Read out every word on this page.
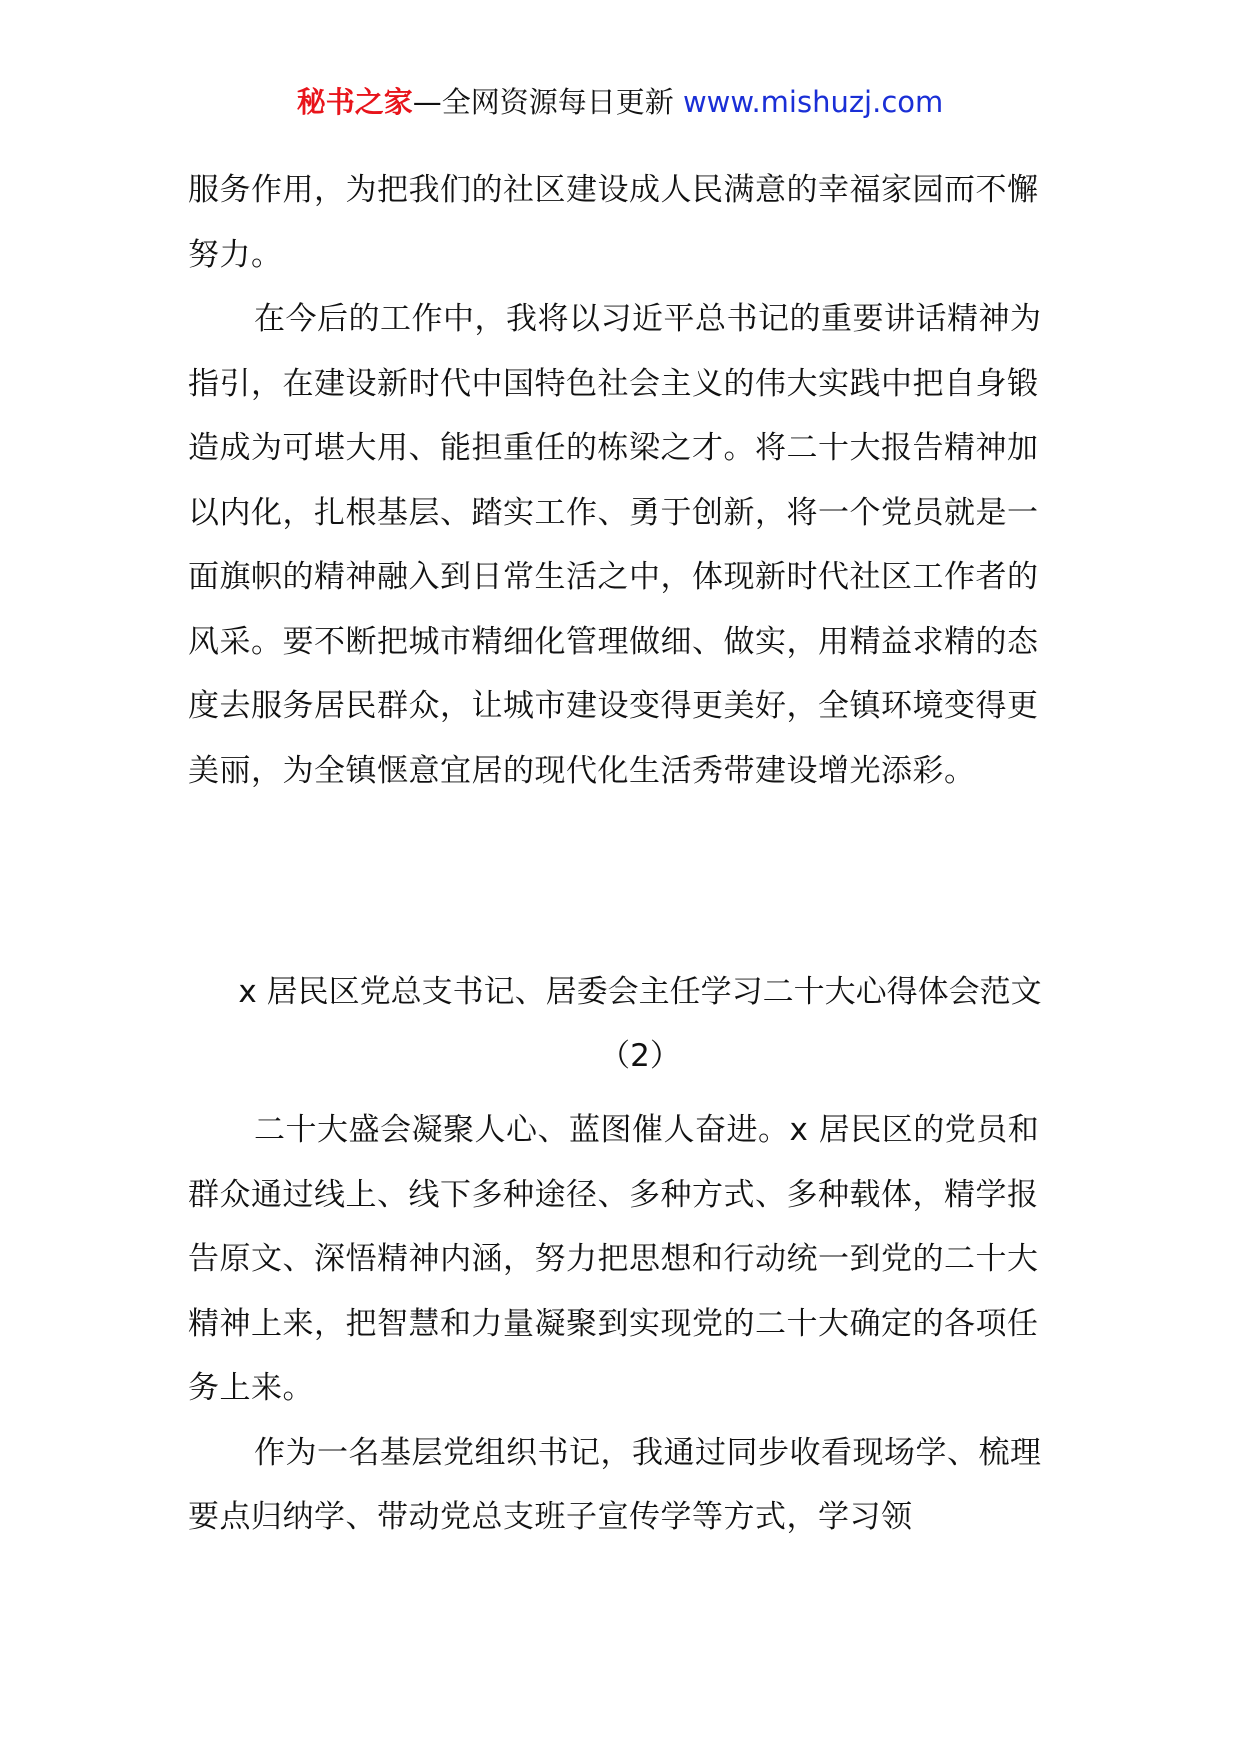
秘书之家—全网资源每日更新 www.mishuzj.com

服务作用，为把我们的社区建设成人民满意的幸福家园而不懈努力。

在今后的工作中，我将以习近平总书记的重要讲话精神为指引，在建设新时代中国特色社会主义的伟大实践中把自身锻造成为可堪大用、能担重任的栋梁之才。将二十大报告精神加以内化，扎根基层、踏实工作、勇于创新，将一个党员就是一面旗帜的精神融入到日常生活之中，体现新时代社区工作者的风采。要不断把城市精细化管理做细、做实，用精益求精的态度去服务居民群众，让城市建设变得更美好，全镇环境变得更美丽，为全镇惬意宜居的现代化生活秀带建设增光添彩。

x 居民区党总支书记、居委会主任学习二十大心得体会范文
（2）

二十大盛会凝聚人心、蓝图催人奋进。x 居民区的党员和群众通过线上、线下多种途径、多种方式、多种载体，精学报告原文、深悟精神内涵，努力把思想和行动统一到党的二十大精神上来，把智慧和力量凝聚到实现党的二十大确定的各项任务上来。

作为一名基层党组织书记，我通过同步收看现场学、梳理要点归纳学、带动党总支班子宣传学等方式，学习领
